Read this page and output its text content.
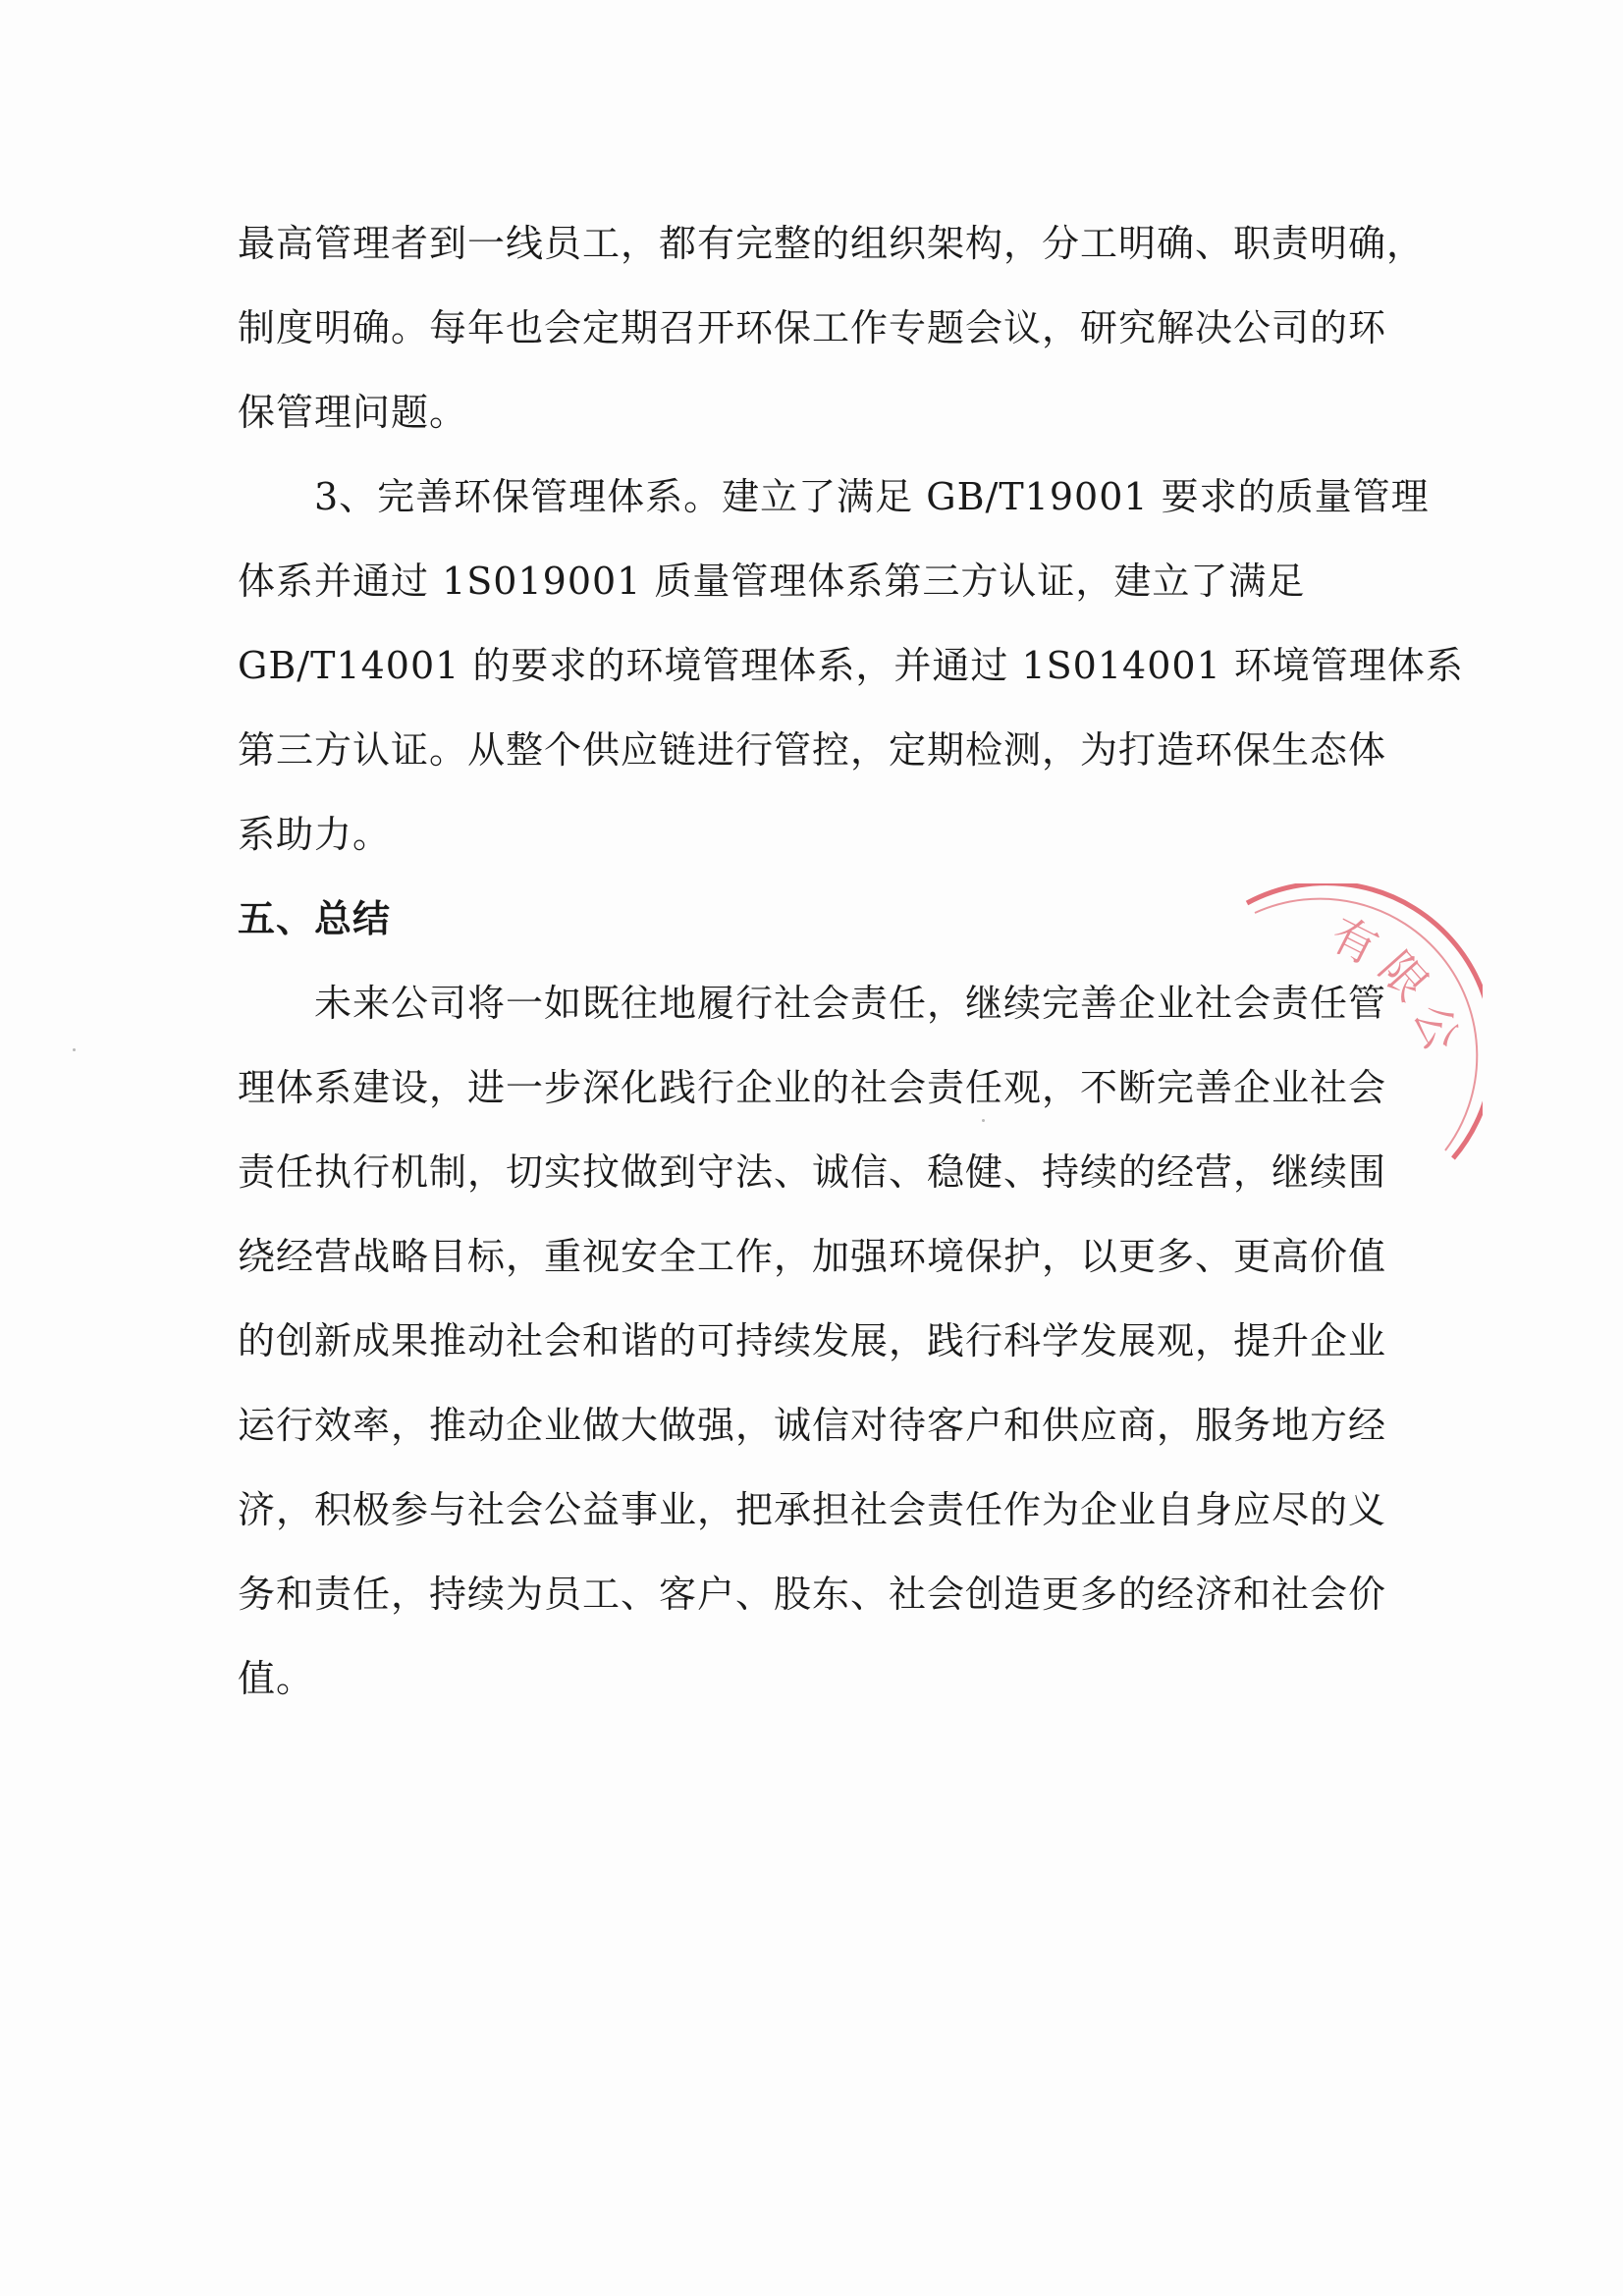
最高管理者到一线员工，都有完整的组织架构，分工明确、职责明确，
制度明确。每年也会定期召开环保工作专题会议，研究解决公司的环
保管理问题。
　　3、完善环保管理体系。建立了满足 GB/T19001 要求的质量管理
体系并通过 1S019001 质量管理体系第三方认证，建立了满足
GB/T14001 的要求的环境管理体系，并通过 1S014001 环境管理体系
第三方认证。从整个供应链进行管控，定期检测，为打造环保生态体
系助力。
五、总结
　　未来公司将一如既往地履行社会责任，继续完善企业社会责任管
理体系建设，进一步深化践行企业的社会责任观，不断完善企业社会
责任执行机制，切实抆做到守法、诚信、稳健、持续的经营，继续围
绕经营战略目标，重视安全工作，加强环境保护，以更多、更高价值
的创新成果推动社会和谐的可持续发展，践行科学发展观，提升企业
运行效率，推动企业做大做强，诚信对待客户和供应商，服务地方经
济，积极参与社会公益事业，把承担社会责任作为企业自身应尽的义
务和责任，持续为员工、客户、股东、社会创造更多的经济和社会价
值。
有限公
